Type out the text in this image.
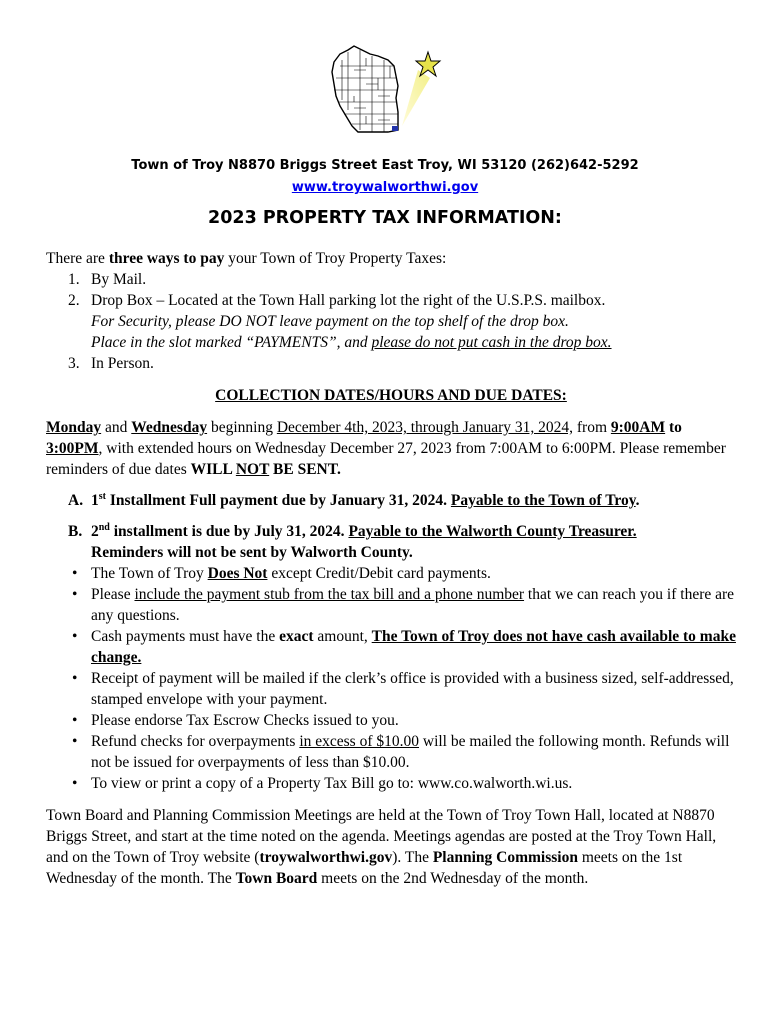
Town of Troy N8870 Briggs Street East Troy, WI 53120 (262)642-5292
www.troywalworthwi.gov
2023 PROPERTY TAX INFORMATION:

There are three ways to pay your Town of Troy Property Taxes:

1. By Mail.

2. Drop Box – Located at the Town Hall parking lot the right of the U.S.P.S. mailbox.

For Security, please DO NOT leave payment on the top shelf of the drop box.

Place in the slot marked “PAYMENTS”, and please do not put cash in the drop box.

3. In Person.

COLLECTION DATES/HOURS AND DUE DATES:

Monday and Wednesday beginning December 4th, 2023, through January 31, 2024, from 9:00AM to 3:00PM, with extended hours on Wednesday December 27, 2023 from 7:00AM to 6:00PM. Please remember reminders of due dates WILL NOT BE SENT.

A. 1st Installment Full payment due by January 31, 2024. Payable to the Town of Troy.

B. 2nd installment is due by July 31, 2024. Payable to the Walworth County Treasurer.
Reminders will not be sent by Walworth County.

• The Town of Troy Does Not except Credit/Debit card payments.

• Please include the payment stub from the tax bill and a phone number that we can reach you if there are any questions.

• Cash payments must have the exact amount, The Town of Troy does not have cash available to make change.

• Receipt of payment will be mailed if the clerk’s office is provided with a business sized, self-addressed, stamped envelope with your payment.

• Please endorse Tax Escrow Checks issued to you.

• Refund checks for overpayments in excess of $10.00 will be mailed the following month. Refunds will not be issued for overpayments of less than $10.00.

• To view or print a copy of a Property Tax Bill go to: www.co.walworth.wi.us.

Town Board and Planning Commission Meetings are held at the Town of Troy Town Hall, located at N8870 Briggs Street, and start at the time noted on the agenda. Meetings agendas are posted at the Troy Town Hall, and on the Town of Troy website (troywalworthwi.gov). The Planning Commission meets on the 1st Wednesday of the month. The Town Board meets on the 2nd Wednesday of the month.
